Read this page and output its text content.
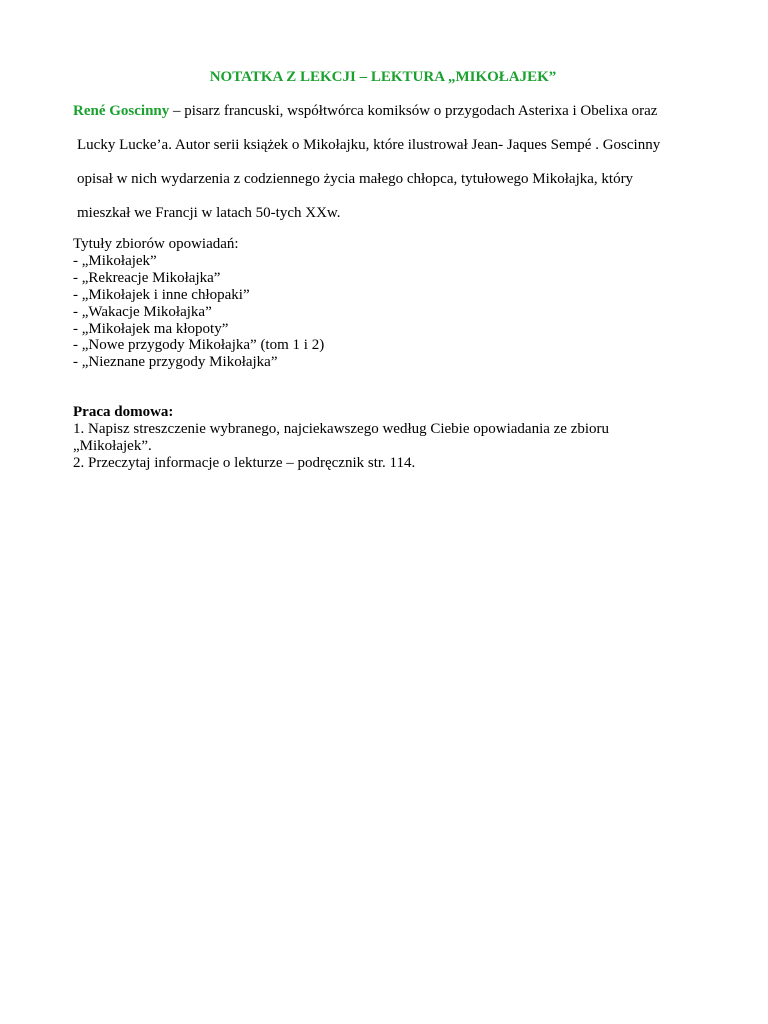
NOTATKA Z LEKCJI – LEKTURA „MIKOŁAJEK”
René Goscinny – pisarz francuski, współtwórca komiksów o przygodach Asterixa i Obelixa oraz
Lucky Lucke’a. Autor serii książek o Mikołajku, które ilustrował Jean- Jaques Sempé . Goscinny
opisał w nich wydarzenia z codziennego życia małego chłopca, tytułowego Mikołajka, który
mieszkał we Francji w latach 50-tych XXw.
Tytuły zbiorów opowiadań:
- „Mikołajek”
- „Rekreacje Mikołajka”
- „Mikołajek i inne chłopaki”
- „Wakacje Mikołajka”
- „Mikołajek ma kłopoty”
- „Nowe przygody Mikołajka” (tom 1 i 2)
- „Nieznane przygody Mikołajka”
Praca domowa:
1. Napisz streszczenie wybranego, najciekawszego według Ciebie opowiadania ze zbioru
„Mikołajek”.
2. Przeczytaj informacje o lekturze – podręcznik str. 114.
